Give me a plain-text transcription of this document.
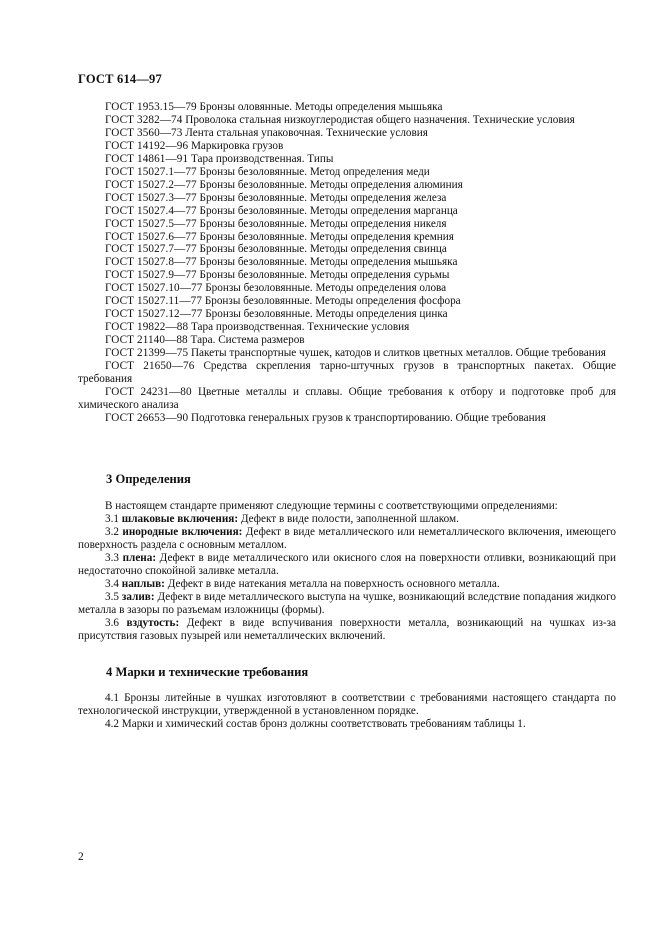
ГОСТ 614—97
ГОСТ 1953.15—79 Бронзы оловянные. Методы определения мышьяка
ГОСТ 3282—74 Проволока стальная низкоуглеродистая общего назначения. Технические условия
ГОСТ 3560—73 Лента стальная упаковочная. Технические условия
ГОСТ 14192—96 Маркировка грузов
ГОСТ 14861—91 Тара производственная. Типы
ГОСТ 15027.1—77 Бронзы безоловянные. Метод определения меди
ГОСТ 15027.2—77 Бронзы безоловянные. Методы определения алюминия
ГОСТ 15027.3—77 Бронзы безоловянные. Методы определения железа
ГОСТ 15027.4—77 Бронзы безоловянные. Методы определения марганца
ГОСТ 15027.5—77 Бронзы безоловянные. Методы определения никеля
ГОСТ 15027.6—77 Бронзы безоловянные. Методы определения кремния
ГОСТ 15027.7—77 Бронзы безоловянные. Методы определения свинца
ГОСТ 15027.8—77 Бронзы безоловянные. Методы определения мышьяка
ГОСТ 15027.9—77 Бронзы безоловянные. Методы определения сурьмы
ГОСТ 15027.10—77 Бронзы безоловянные. Методы определения олова
ГОСТ 15027.11—77 Бронзы безоловянные. Методы определения фосфора
ГОСТ 15027.12—77 Бронзы безоловянные. Методы определения цинка
ГОСТ 19822—88 Тара производственная. Технические условия
ГОСТ 21140—88 Тара. Система размеров
ГОСТ 21399—75 Пакеты транспортные чушек, катодов и слитков цветных металлов. Общие требования
ГОСТ 21650—76 Средства скрепления тарно-штучных грузов в транспортных пакетах. Общие требования
ГОСТ 24231—80 Цветные металлы и сплавы. Общие требования к отбору и подготовке проб для химического анализа
ГОСТ 26653—90 Подготовка генеральных грузов к транспортированию. Общие требования
3 Определения
В настоящем стандарте применяют следующие термины с соответствующими определениями:
3.1 шлаковые включения: Дефект в виде полости, заполненной шлаком.
3.2 инородные включения: Дефект в виде металлического или неметаллического включения, имеющего поверхность раздела с основным металлом.
3.3 плена: Дефект в виде металлического или окисного слоя на поверхности отливки, возникающий при недостаточно спокойной заливке металла.
3.4 наплыв: Дефект в виде натекания металла на поверхность основного металла.
3.5 залив: Дефект в виде металлического выступа на чушке, возникающий вследствие попадания жидкого металла в зазоры по разъемам изложницы (формы).
3.6 вздутость: Дефект в виде вспучивания поверхности металла, возникающий на чушках из-за присутствия газовых пузырей или неметаллических включений.
4 Марки и технические требования
4.1 Бронзы литейные в чушках изготовляют в соответствии с требованиями настоящего стандарта по технологической инструкции, утвержденной в установленном порядке.
4.2 Марки и химический состав бронз должны соответствовать требованиям таблицы 1.
2
